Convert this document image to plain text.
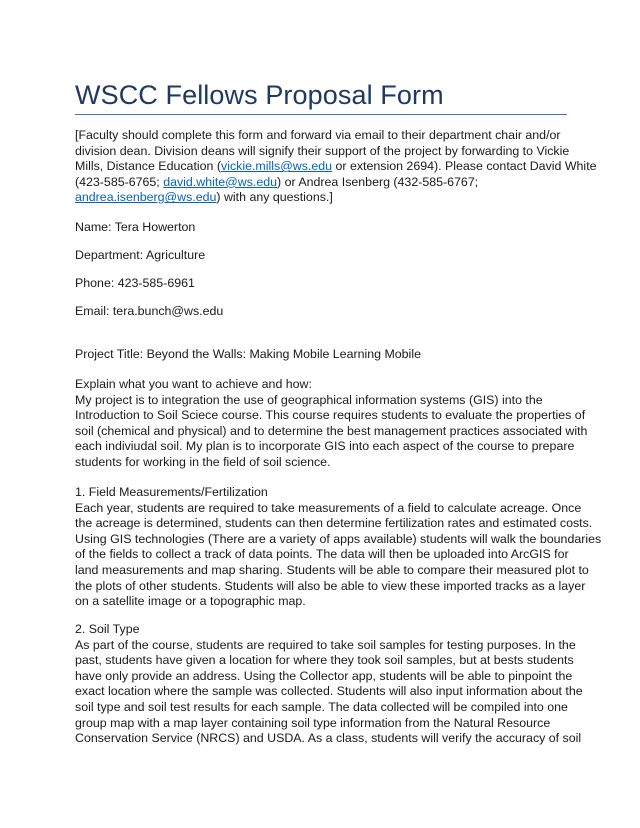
WSCC Fellows Proposal Form
[Faculty should complete this form and forward via email to their department chair and/or
division dean. Division deans will signify their support of the project by forwarding to Vickie
Mills, Distance Education (vickie.mills@ws.edu or extension 2694). Please contact David White
(423-585-6765; david.white@ws.edu) or Andrea Isenberg (432-585-6767;
andrea.isenberg@ws.edu) with any questions.]
Name: Tera Howerton
Department: Agriculture
Phone: 423-585-6961
Email: tera.bunch@ws.edu
Project Title: Beyond the Walls: Making Mobile Learning Mobile
Explain what you want to achieve and how:
My project is to integration the use of geographical information systems (GIS) into the
Introduction to Soil Sciece course. This course requires students to evaluate the properties of
soil (chemical and physical) and to determine the best management practices associated with
each indiviudal soil. My plan is to incorporate GIS into each aspect of the course to prepare
students for working in the field of soil science.
1. Field Measurements/Fertilization
Each year, students are required to take measurements of a field to calculate acreage. Once
the acreage is determined, students can then determine fertilization rates and estimated costs.
Using GIS technologies (There are a variety of apps available) students will walk the boundaries
of the fields to collect a track of data points. The data will then be uploaded into ArcGIS for
land measurements and map sharing. Students will be able to compare their measured plot to
the plots of other students. Students will also be able to view these imported tracks as a layer
on a satellite image or a topographic map.
2. Soil Type
As part of the course, students are required to take soil samples for testing purposes. In the
past, students have given a location for where they took soil samples, but at bests students
have only provide an address. Using the Collector app, students will be able to pinpoint the
exact location where the sample was collected. Students will also input information about the
soil type and soil test results for each sample. The data collected will be compiled into one
group map with a map layer containing soil type information from the Natural Resource
Conservation Service (NRCS) and USDA. As a class, students will verify the accuracy of soil
